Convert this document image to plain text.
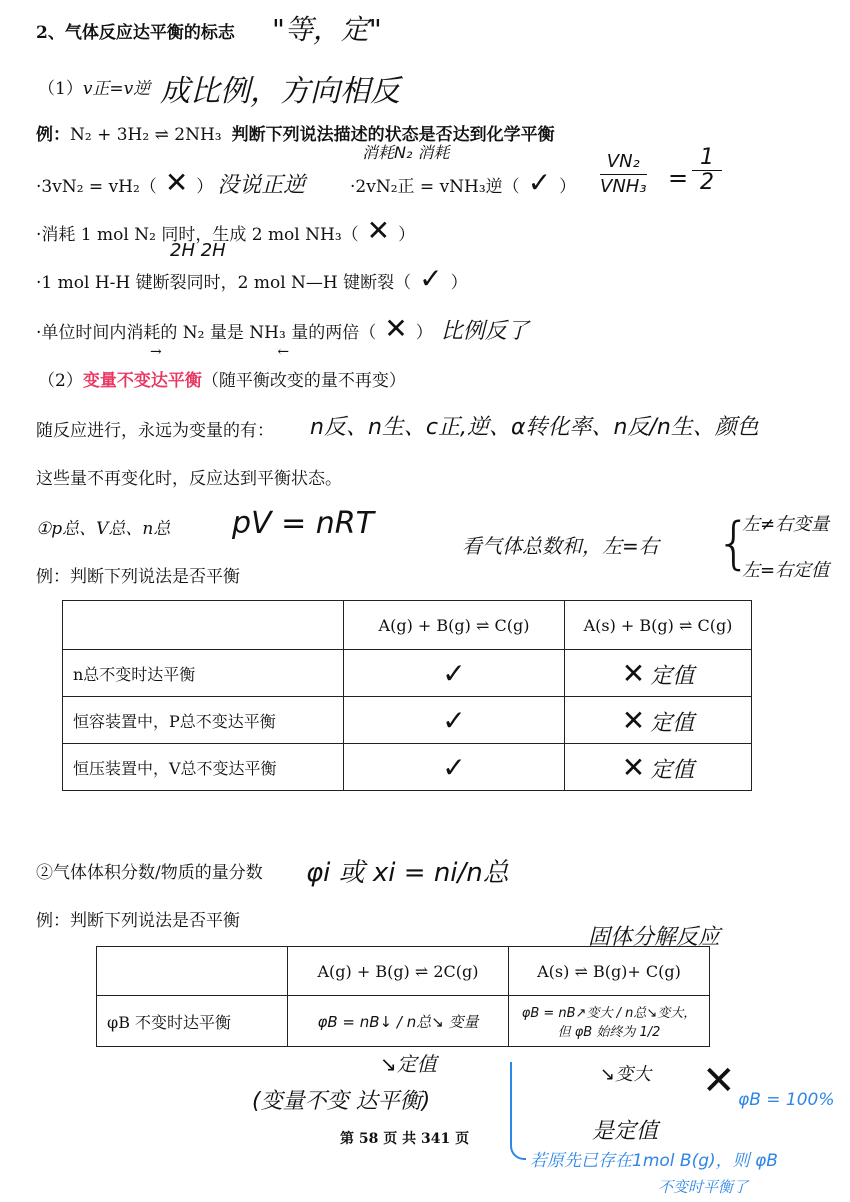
2、气体反应达平衡的标志 "等，定"
（1）v正=v逆 成比例，方向相反
例：N₂ + 3H₂ ⇌ 2NH₃ 判断下列说法描述的状态是否达到化学平衡
·3vN₂ = vH₂（ ✕ ） 没说正逆
消耗N₂ 消耗
·2vN₂正 = vNH₃逆（ ✓ ）
VN₂
$VNH_3 = \frac{1}{2}$
·消耗 1 mol N₂ 同时，生成 2 mol NH₃（ ✕ ）
2H 2H
·1 mol H-H 键断裂同时，2 mol N—H 键断裂（ ✓ ）
·单位时间内消耗的 N₂ 量是 NH₃ 量的两倍（ ✕ ） 比例反了
→                          ←
（2）变量不变达平衡（随平衡改变的量不再变）
随反应进行，永远为变量的有： n反、n生、c正,逆、α转化率、n反/n生、颜色
这些量不再变化时，反应达到平衡状态。
①p总、V总、n总 pV = nRT
看气体总数和，左=右 {
左≠右变量
左=右定值
例：判断下列说法是否平衡
	A(g) + B(g) ⇌ C(g)	A(s) + B(g) ⇌ C(g)
n总不变时达平衡	✓	✕ 定值
恒容装置中，P总不变达平衡	✓	✕ 定值
恒压装置中，V总不变达平衡	✓	✕ 定值
②气体体积分数/物质的量分数 φi 或 xi = ni/n总
例：判断下列说法是否平衡
固体分解反应
	A(g) + B(g) ⇌ 2C(g)	A(s) ⇌ B(g)+ C(g)
φB 不变时达平衡	φB = nB↓ / n总↘ 变量	φB = nB↗变大 / n总↘变大，但 φB 始终为 1/2
↘定值	↘变大
(变量不变 达平衡)	✕
是定值
φB = 100%
若原先已存在1mol B(g)，则 φB
不变时平衡了
第 58 页 共 341 页
